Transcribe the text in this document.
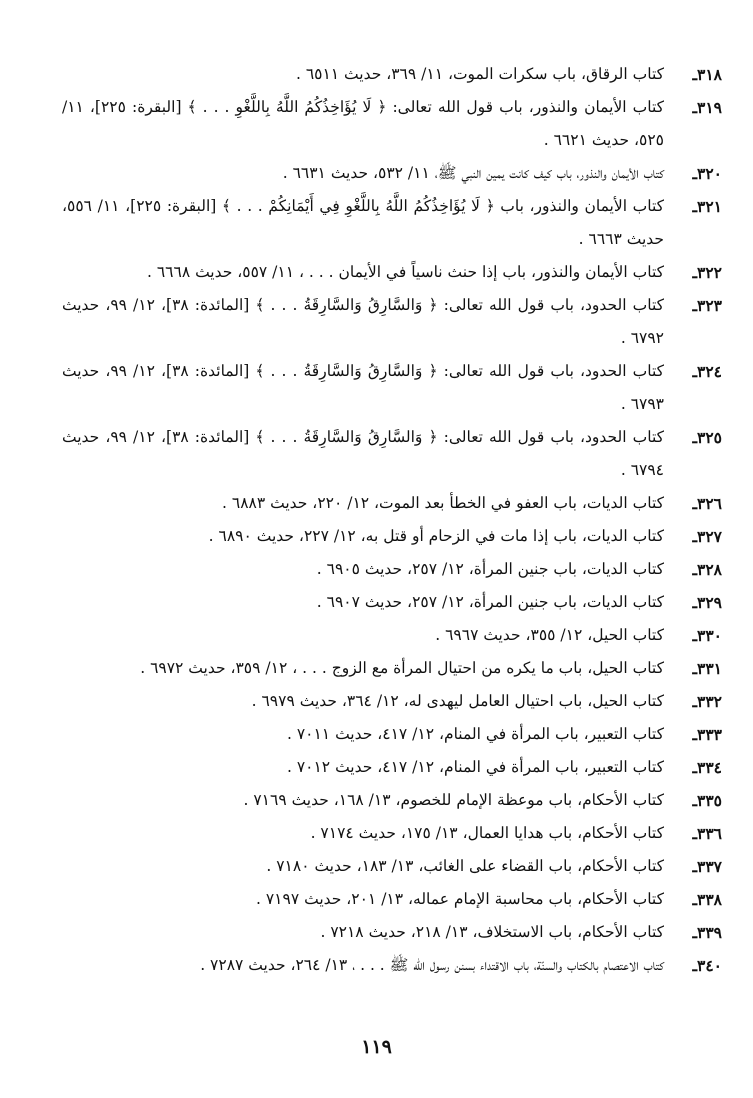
٣١٨ـ
كتاب الرقاق، باب سكرات الموت، ١١/ ٣٦٩، حديث ٦٥١١ .
٣١٩ـ
كتاب الأيمان والنذور، باب قول الله تعالى: ﴿ لَا يُؤَاخِذُكُمُ اللَّهُ بِاللَّغْوِ . . . ﴾ [البقرة: ٢٢٥]، ١١/ ٥٢٥، حديث ٦٦٢١ .
٣٢٠ـ
كتاب الأيمان والنذور، باب كيف كانت يمين النبي ﷺ، ١١/ ٥٣٢، حديث ٦٦٣١ .
٣٢١ـ
كتاب الأيمان والنذور، باب ﴿ لَا يُؤَاخِذُكُمُ اللَّهُ بِاللَّغْوِ فِي أَيْمَانِكُمْ . . . ﴾ [البقرة: ٢٢٥]، ١١/ ٥٥٦، حديث ٦٦٦٣ .
٣٢٢ـ
كتاب الأيمان والنذور، باب إذا حنث ناسياً في الأيمان . . . ، ١١/ ٥٥٧، حديث ٦٦٦٨ .
٣٢٣ـ
كتاب الحدود، باب قول الله تعالى: ﴿ وَالسَّارِقُ وَالسَّارِقَةُ . . . ﴾ [المائدة: ٣٨]، ١٢/ ٩٩، حديث ٦٧٩٢ .
٣٢٤ـ
كتاب الحدود، باب قول الله تعالى: ﴿ وَالسَّارِقُ وَالسَّارِقَةُ . . . ﴾ [المائدة: ٣٨]، ١٢/ ٩٩، حديث ٦٧٩٣ .
٣٢٥ـ
كتاب الحدود، باب قول الله تعالى: ﴿ وَالسَّارِقُ وَالسَّارِقَةُ . . . ﴾ [المائدة: ٣٨]، ١٢/ ٩٩، حديث ٦٧٩٤ .
٣٢٦ـ
كتاب الديات، باب العفو في الخطأ بعد الموت، ١٢/ ٢٢٠، حديث ٦٨٨٣ .
٣٢٧ـ
كتاب الديات، باب إذا مات في الزحام أو قتل به، ١٢/ ٢٢٧، حديث ٦٨٩٠ .
٣٢٨ـ
كتاب الديات، باب جنين المرأة، ١٢/ ٢٥٧، حديث ٦٩٠٥ .
٣٢٩ـ
كتاب الديات، باب جنين المرأة، ١٢/ ٢٥٧، حديث ٦٩٠٧ .
٣٣٠ـ
كتاب الحيل، ١٢/ ٣٥٥، حديث ٦٩٦٧ .
٣٣١ـ
كتاب الحيل، باب ما يكره من احتيال المرأة مع الزوج . . . ، ١٢/ ٣٥٩، حديث ٦٩٧٢ .
٣٣٢ـ
كتاب الحيل، باب احتيال العامل ليهدى له، ١٢/ ٣٦٤، حديث ٦٩٧٩ .
٣٣٣ـ
كتاب التعبير، باب المرأة في المنام، ١٢/ ٤١٧، حديث ٧٠١١ .
٣٣٤ـ
كتاب التعبير، باب المرأة في المنام، ١٢/ ٤١٧، حديث ٧٠١٢ .
٣٣٥ـ
كتاب الأحكام، باب موعظة الإمام للخصوم، ١٣/ ١٦٨، حديث ٧١٦٩ .
٣٣٦ـ
كتاب الأحكام، باب هدايا العمال، ١٣/ ١٧٥، حديث ٧١٧٤ .
٣٣٧ـ
كتاب الأحكام، باب القضاء على الغائب، ١٣/ ١٨٣، حديث ٧١٨٠ .
٣٣٨ـ
كتاب الأحكام، باب محاسبة الإمام عماله، ١٣/ ٢٠١، حديث ٧١٩٧ .
٣٣٩ـ
كتاب الأحكام، باب الاستخلاف، ١٣/ ٢١٨، حديث ٧٢١٨ .
٣٤٠ـ
كتاب الاعتصام بالكتاب والسنّة، باب الاقتداء بسنن رسول الله ﷺ . . . ، ١٣/ ٢٦٤، حديث ٧٢٨٧ .
١١٩
